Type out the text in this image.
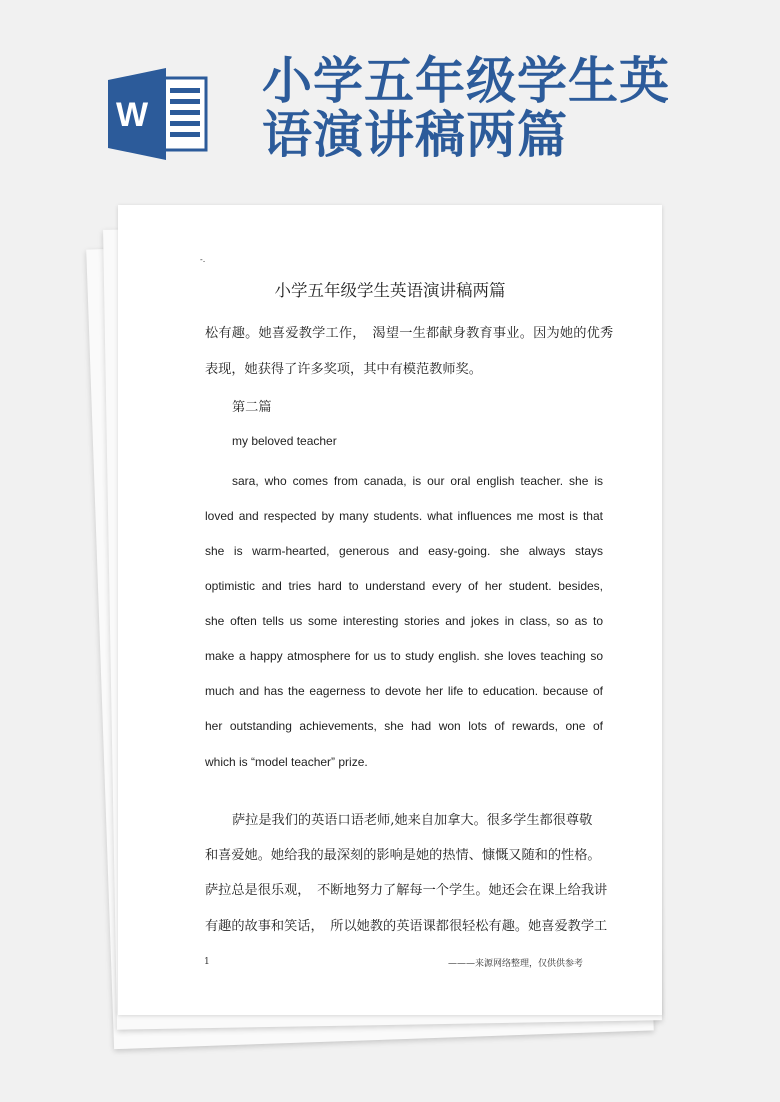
W
小学五年级学生英语演讲稿两篇
-.
小学五年级学生英语演讲稿两篇
松有趣。她喜爱教学工作，　渴望一生都献身教育事业。因为她的优秀
表现，她获得了许多奖项，其中有模范教师奖。
第二篇
my beloved teacher
sara, who comes from canada, is our oral english teacher. she is
loved and respected by many students. what influences me most is that
she is warm-hearted, generous and easy-going. she always stays
optimistic and tries hard to understand every of her student. besides,
she often tells us some interesting stories and jokes in class, so as to
make a happy atmosphere for us to study english. she loves teaching so
much and has the eagerness to devote her life to education. because of
her outstanding achievements, she had won lots of rewards, one of
which is “model teacher” prize.
萨拉是我们的英语口语老师,她来自加拿大。很多学生都很尊敬
和喜爱她。她给我的最深刻的影响是她的热情、慷慨又随和的性格。
萨拉总是很乐观，　不断地努力了解每一个学生。她还会在课上给我讲
有趣的故事和笑话，　所以她教的英语课都很轻松有趣。她喜爱教学工
1	———来源网络整理，仅供供参考
